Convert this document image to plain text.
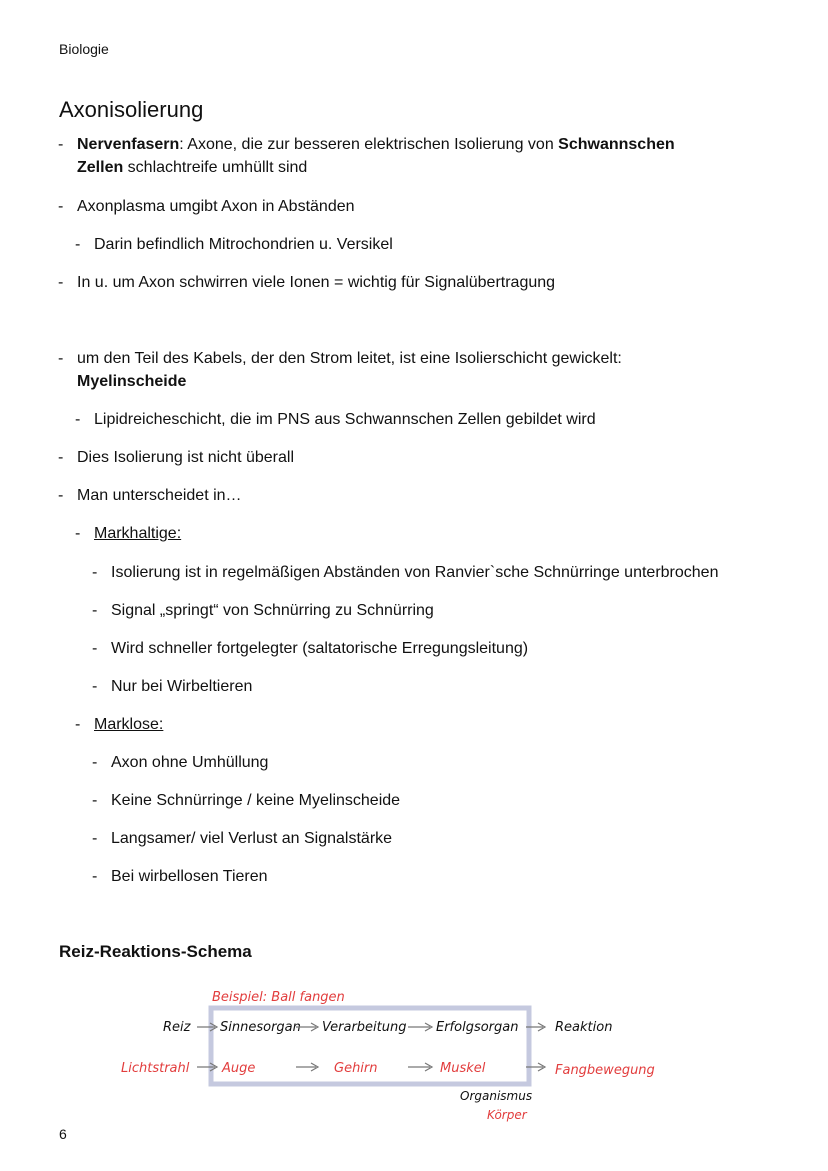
Biologie
Axonisolierung
- Nervenfasern: Axone, die zur besseren elektrischen Isolierung von Schwannschen
Zellen schlachtreife umhüllt sind
- Axonplasma umgibt Axon in Abständen
- Darin befindlich Mitrochondrien u. Versikel
- In u. um Axon schwirren viele Ionen = wichtig für Signalübertragung
- um den Teil des Kabels, der den Strom leitet, ist eine Isolierschicht gewickelt:
Myelinscheide
- Lipidreicheschicht, die im PNS aus Schwannschen Zellen gebildet wird
- Dies Isolierung ist nicht überall
- Man unterscheidet in…
- Markhaltige:
- Isolierung ist in regelmäßigen Abständen von Ranvier`sche Schnürringe unterbrochen
- Signal „springt“ von Schnürring zu Schnürring
- Wird schneller fortgelegter (saltatorische Erregungsleitung)
- Nur bei Wirbeltieren
- Marklose:
- Axon ohne Umhüllung
- Keine Schnürringe / keine Myelinscheide
- Langsamer/ viel Verlust an Signalstärke
- Bei wirbellosen Tieren
Reiz-Reaktions-Schema
Beispiel: Ball fangen
Reiz Sinnesorgan Verarbeitung Erfolgsorgan	Reaktion
Lichtstrahl	Auge	Gehirn	Muskel	Fangbewegung
Organismus
Körper
6
